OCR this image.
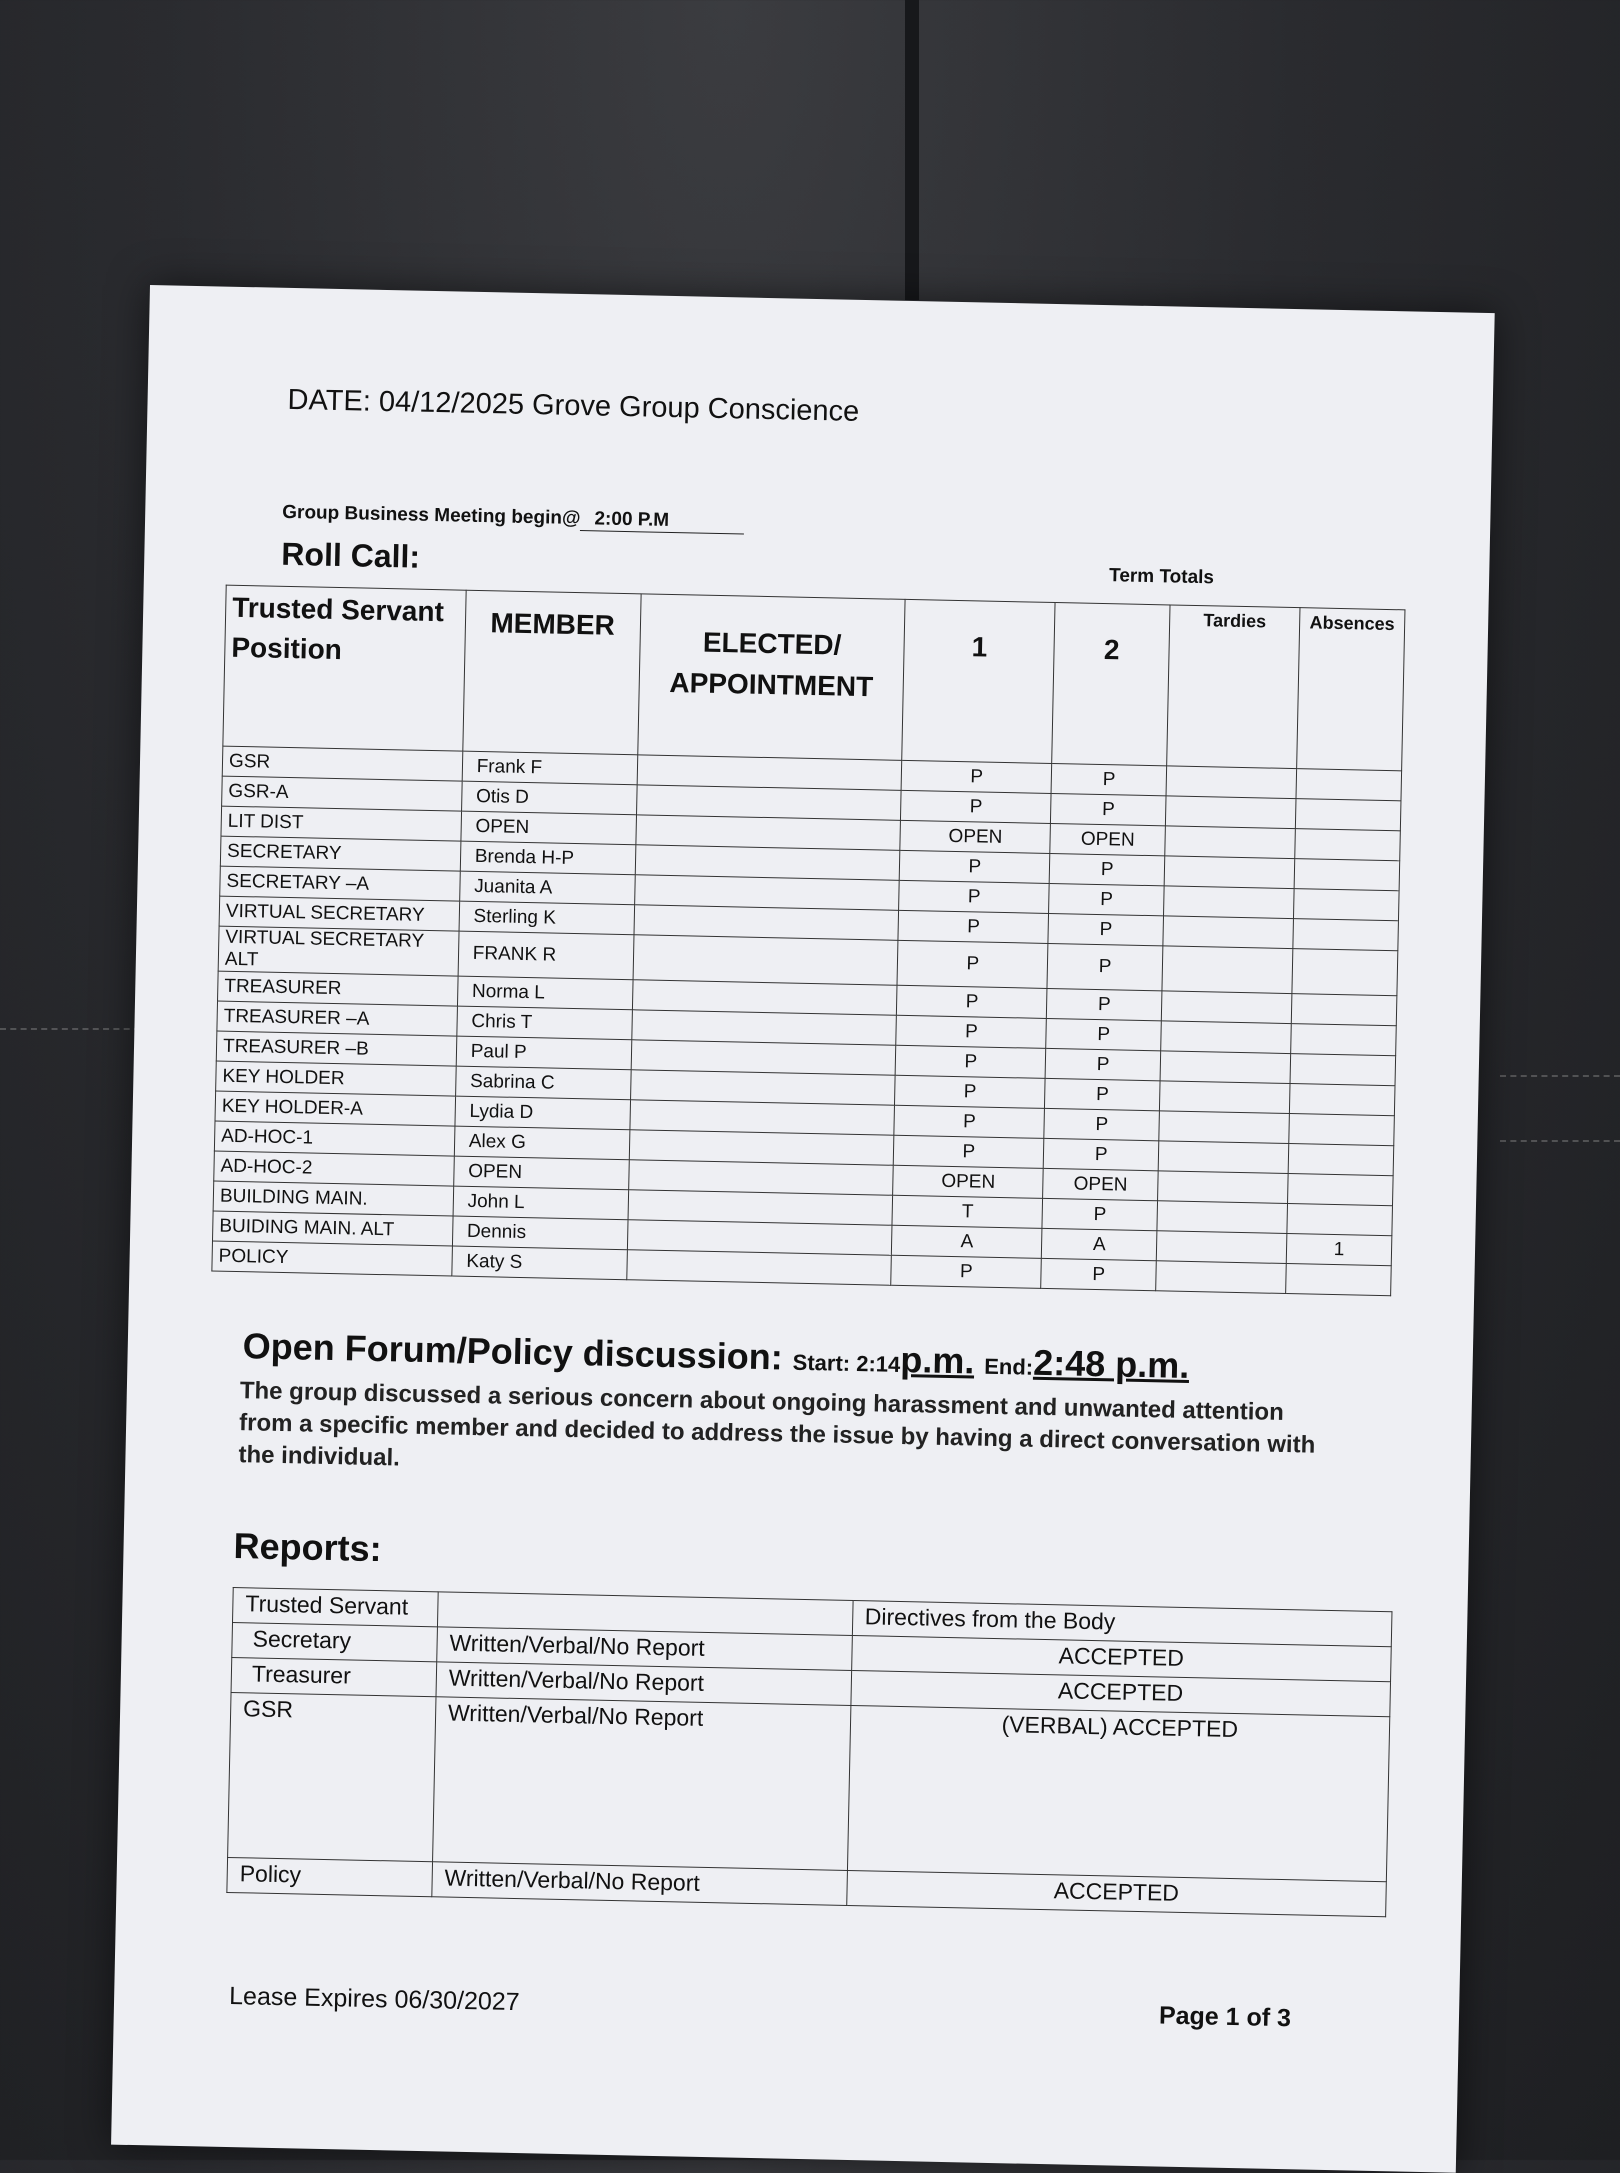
DATE: 04/12/2025 Grove Group Conscience
Group Business Meeting begin@ 2:00 P.M
Roll Call:
Term Totals
Trusted Servant Position	MEMBER	ELECTED/ APPOINTMENT	1	2	Tardies	Absences
GSR	Frank F		P	P		
GSR-A	Otis D		P	P		
LIT DIST	OPEN		OPEN	OPEN		
SECRETARY	Brenda H-P		P	P		
SECRETARY –A	Juanita A		P	P		
VIRTUAL SECRETARY	Sterling K		P	P		
VIRTUAL SECRETARY ALT	FRANK R		P	P		
TREASURER	Norma L		P	P		
TREASURER –A	Chris T		P	P		
TREASURER –B	Paul P		P	P		
KEY HOLDER	Sabrina C		P	P		
KEY HOLDER-A	Lydia D		P	P		
AD-HOC-1	Alex G		P	P		
AD-HOC-2	OPEN		OPEN	OPEN		
BUILDING MAIN.	John L		T	P		
BUIDING MAIN. ALT	Dennis		A	A		1
POLICY	Katy S		P	P		
Open Forum/Policy discussion: Start: 2:14p.m. End:2:48 p.m.
The group discussed a serious concern about ongoing harassment and unwanted attention from a specific member and decided to address the issue by having a direct conversation with the individual.
Reports:
Trusted Servant		Directives from the Body
Secretary	Written/Verbal/No Report	ACCEPTED
Treasurer	Written/Verbal/No Report	ACCEPTED
GSR	Written/Verbal/No Report	(VERBAL) ACCEPTED
Policy	Written/Verbal/No Report	ACCEPTED
Lease Expires 06/30/2027
Page 1 of 3
